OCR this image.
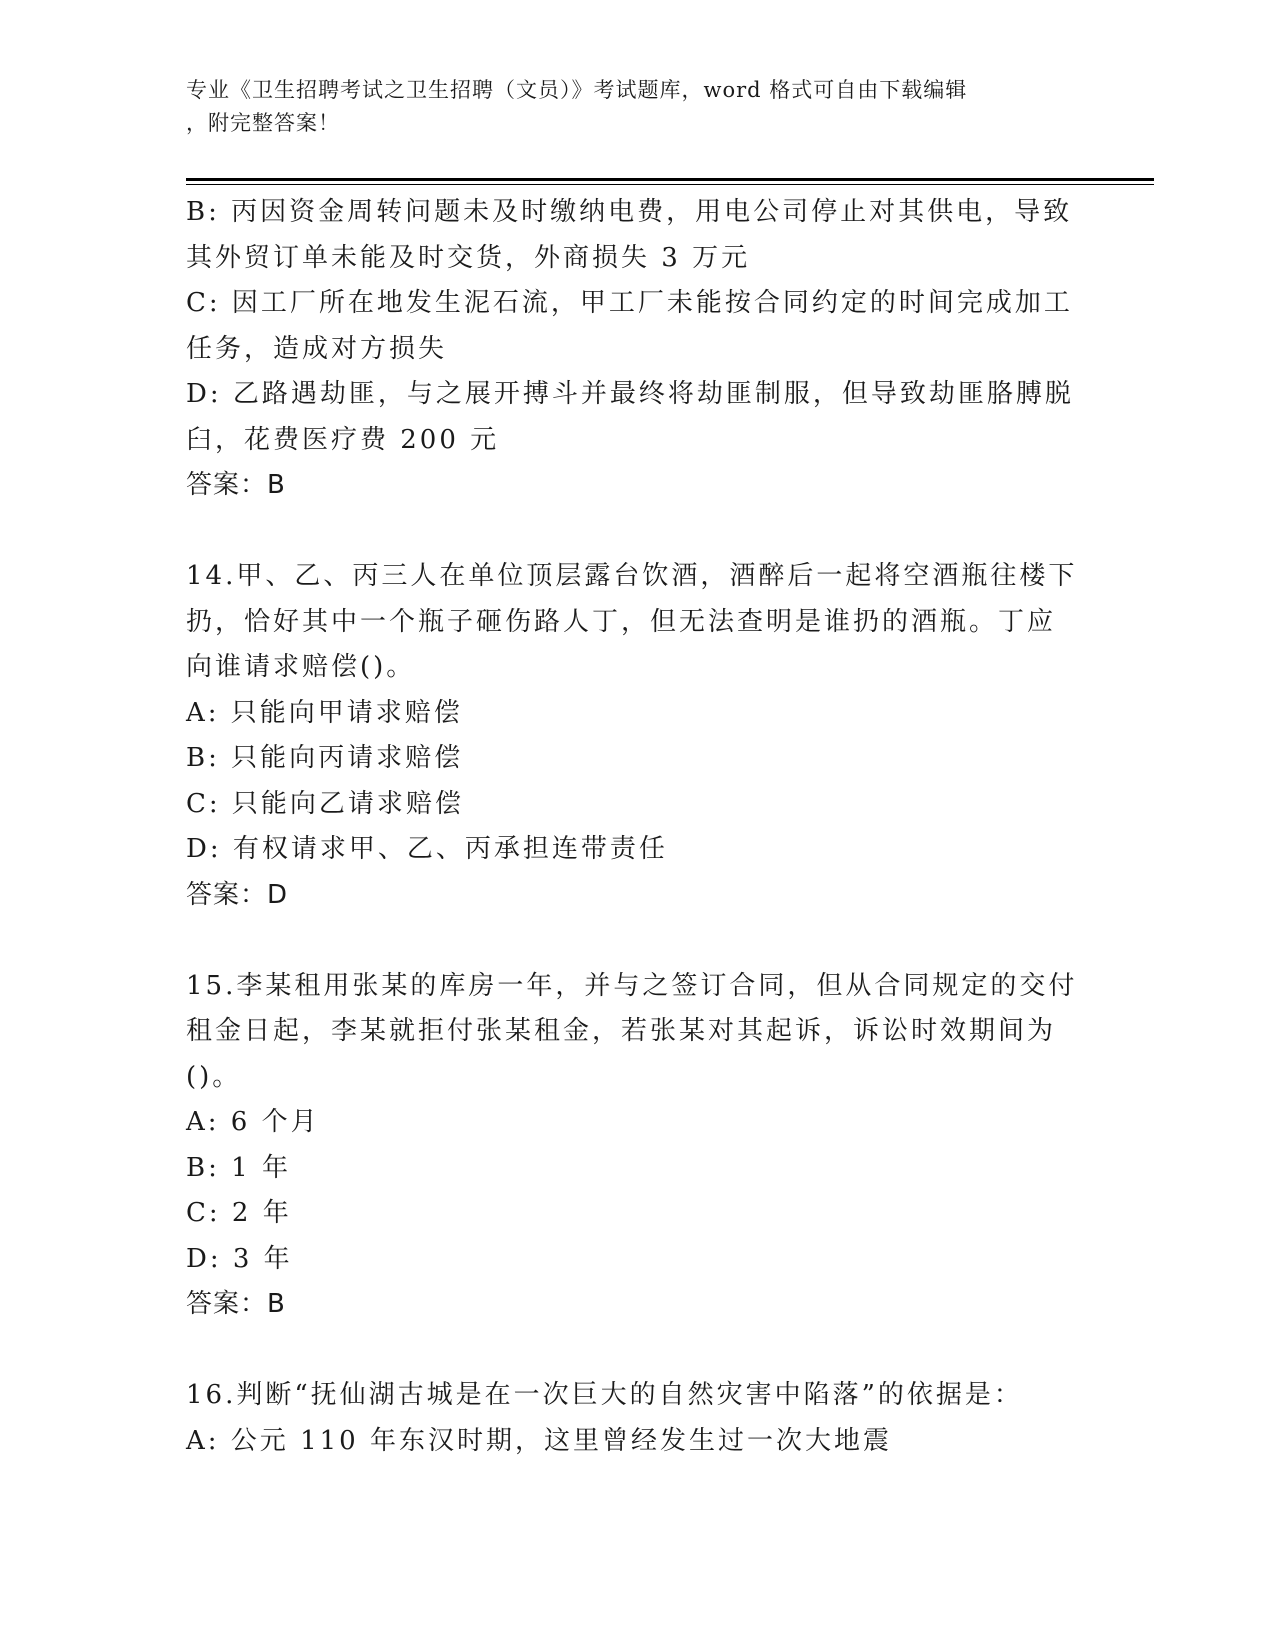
专业《卫生招聘考试之卫生招聘（文员）》考试题库，word 格式可自由下载编辑
，附完整答案！

B: 丙因资金周转问题未及时缴纳电费，用电公司停止对其供电，导致

其外贸订单未能及时交货，外商损失 3 万元

C: 因工厂所在地发生泥石流，甲工厂未能按合同约定的时间完成加工

任务，造成对方损失

D: 乙路遇劫匪，与之展开搏斗并最终将劫匪制服，但导致劫匪胳膊脱

臼，花费医疗费 200 元

答案：B

14.甲、乙、丙三人在单位顶层露台饮酒，酒醉后一起将空酒瓶往楼下

扔，恰好其中一个瓶子砸伤路人丁，但无法查明是谁扔的酒瓶。丁应

向谁请求赔偿()。

A: 只能向甲请求赔偿

B: 只能向丙请求赔偿

C: 只能向乙请求赔偿

D: 有权请求甲、乙、丙承担连带责任

答案：D

15.李某租用张某的库房一年，并与之签订合同，但从合同规定的交付

租金日起，李某就拒付张某租金，若张某对其起诉，诉讼时效期间为

()。

A: 6 个月

B: 1 年

C: 2 年

D: 3 年

答案：B

16.判断“抚仙湖古城是在一次巨大的自然灾害中陷落”的依据是：

A: 公元 110 年东汉时期，这里曾经发生过一次大地震
